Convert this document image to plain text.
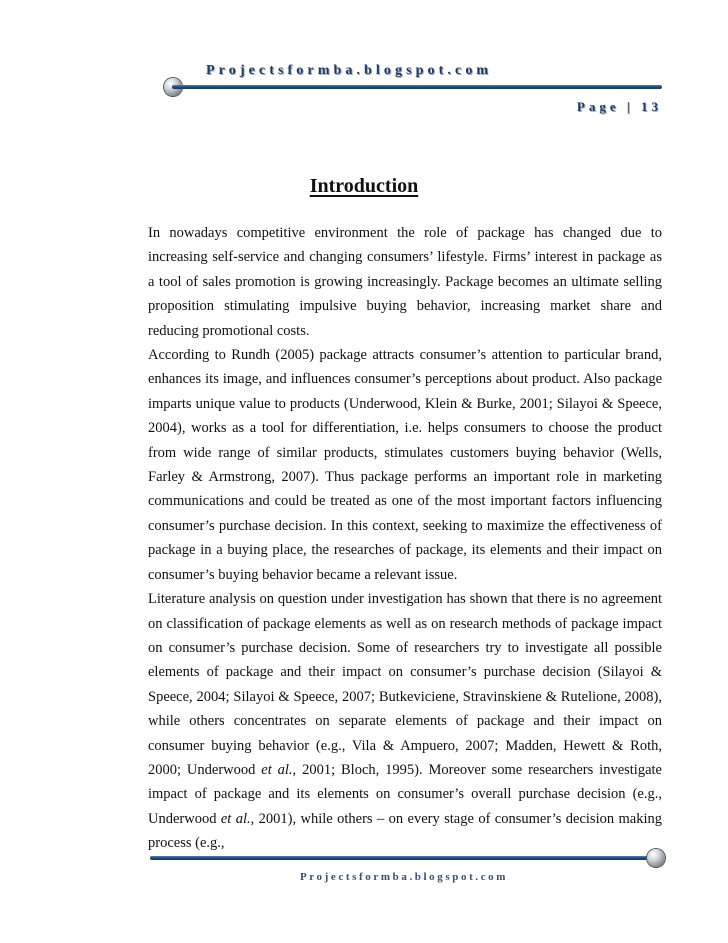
Projectsformba.blogspot.com
Page | 13
Introduction

In nowadays competitive environment the role of package has changed due to increasing self-service and changing consumers’ lifestyle. Firms’ interest in package as a tool of sales promotion is growing increasingly. Package becomes an ultimate selling proposition stimulating impulsive buying behavior, increasing market share and reducing promotional costs.

According to Rundh (2005) package attracts consumer’s attention to particular brand, enhances its image, and influences consumer’s perceptions about product. Also package imparts unique value to products (Underwood, Klein & Burke, 2001; Silayoi & Speece, 2004), works as a tool for differentiation, i.e. helps consumers to choose the product from wide range of similar products, stimulates customers buying behavior (Wells, Farley & Armstrong, 2007). Thus package performs an important role in marketing communications and could be treated as one of the most important factors influencing consumer’s purchase decision. In this context, seeking to maximize the effectiveness of package in a buying place, the researches of package, its elements and their impact on consumer’s buying behavior became a relevant issue.

Literature analysis on question under investigation has shown that there is no agreement on classification of package elements as well as on research methods of package impact on consumer’s purchase decision. Some of researchers try to investigate all possible elements of package and their impact on consumer’s purchase decision (Silayoi & Speece, 2004; Silayoi & Speece, 2007; Butkeviciene, Stravinskiene & Rutelione, 2008), while others concentrates on separate elements of package and their impact on consumer buying behavior (e.g., Vila & Ampuero, 2007; Madden, Hewett & Roth, 2000; Underwood et al., 2001; Bloch, 1995). Moreover some researchers investigate impact of package and its elements on consumer’s overall purchase decision (e.g., Underwood et al., 2001), while others – on every stage of consumer’s decision making process (e.g.,

Projectsformba.blogspot.com
